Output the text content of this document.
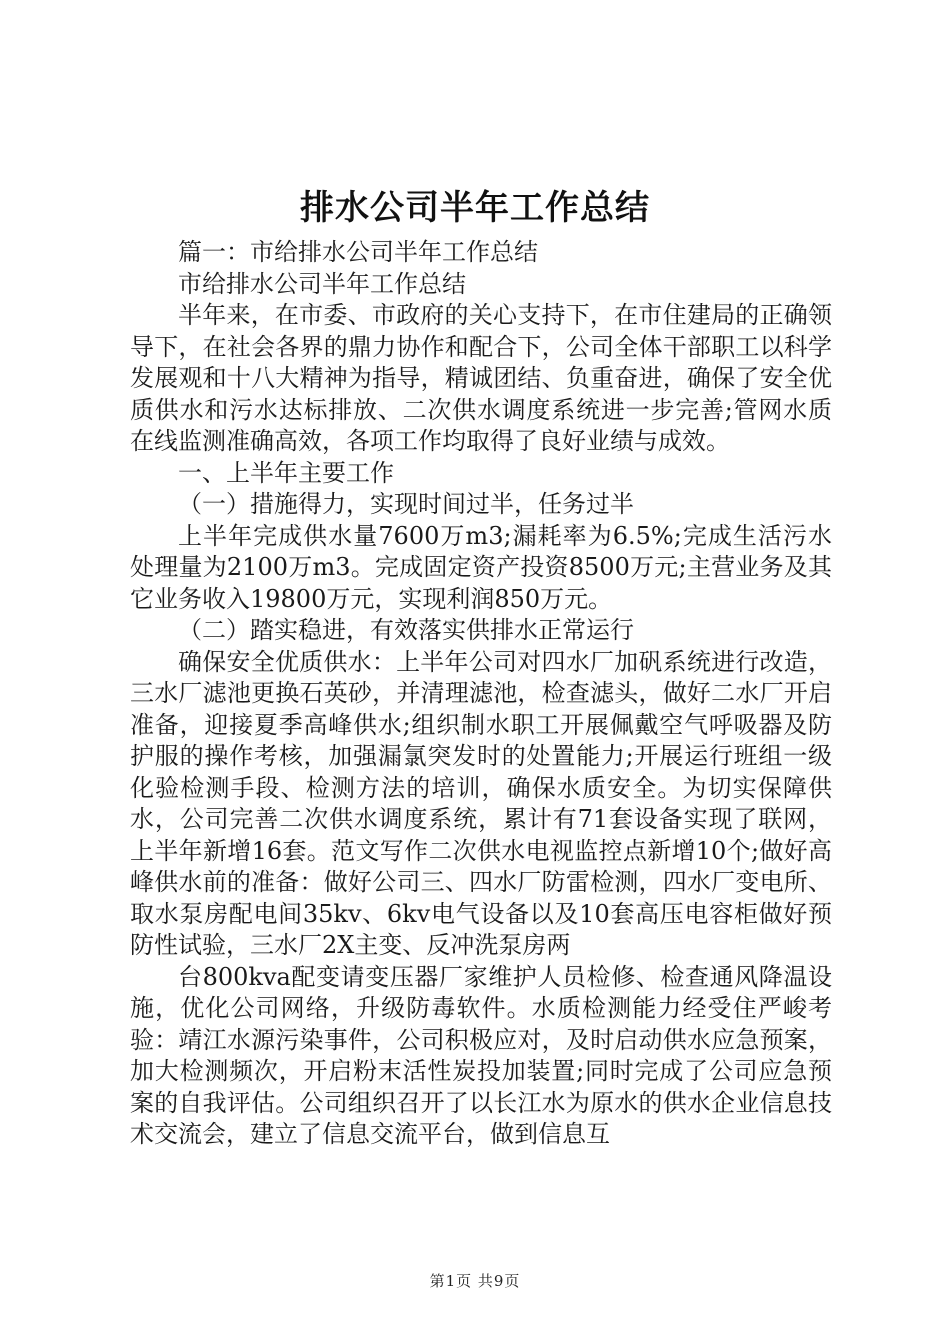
排水公司半年工作总结

篇一：市给排水公司半年工作总结

市给排水公司半年工作总结

半年来，在市委、市政府的关心支持下，在市住建局的正确领导下，在社会各界的鼎力协作和配合下，公司全体干部职工以科学发展观和十八大精神为指导，精诚团结、负重奋进，确保了安全优质供水和污水达标排放、二次供水调度系统进一步完善;管网水质在线监测准确高效，各项工作均取得了良好业绩与成效。

一、上半年主要工作

（一）措施得力，实现时间过半，任务过半

上半年完成供水量7600万m3;漏耗率为6.5%;完成生活污水处理量为2100万m3。完成固定资产投资8500万元;主营业务及其它业务收入19800万元，实现利润850万元。

（二）踏实稳进，有效落实供排水正常运行

确保安全优质供水：上半年公司对四水厂加矾系统进行改造，三水厂滤池更换石英砂，并清理滤池，检查滤头，做好二水厂开启准备，迎接夏季高峰供水;组织制水职工开展佩戴空气呼吸器及防护服的操作考核，加强漏氯突发时的处置能力;开展运行班组一级化验检测手段、检测方法的培训，确保水质安全。为切实保障供水，公司完善二次供水调度系统，累计有71套设备实现了联网，上半年新增16套。范文写作二次供水电视监控点新增10个;做好高峰供水前的准备：做好公司三、四水厂防雷检测，四水厂变电所、取水泵房配电间35kv、6kv电气设备以及10套高压电容柜做好预防性试验，三水厂2X主变、反冲洗泵房两

台800kva配变请变压器厂家维护人员检修、检查通风降温设施，优化公司网络，升级防毒软件。水质检测能力经受住严峻考验：靖江水源污染事件，公司积极应对，及时启动供水应急预案，加大检测频次，开启粉末活性炭投加装置;同时完成了公司应急预案的自我评估。公司组织召开了以长江水为原水的供水企业信息技术交流会，建立了信息交流平台，做到信息互

第1页 共9页
